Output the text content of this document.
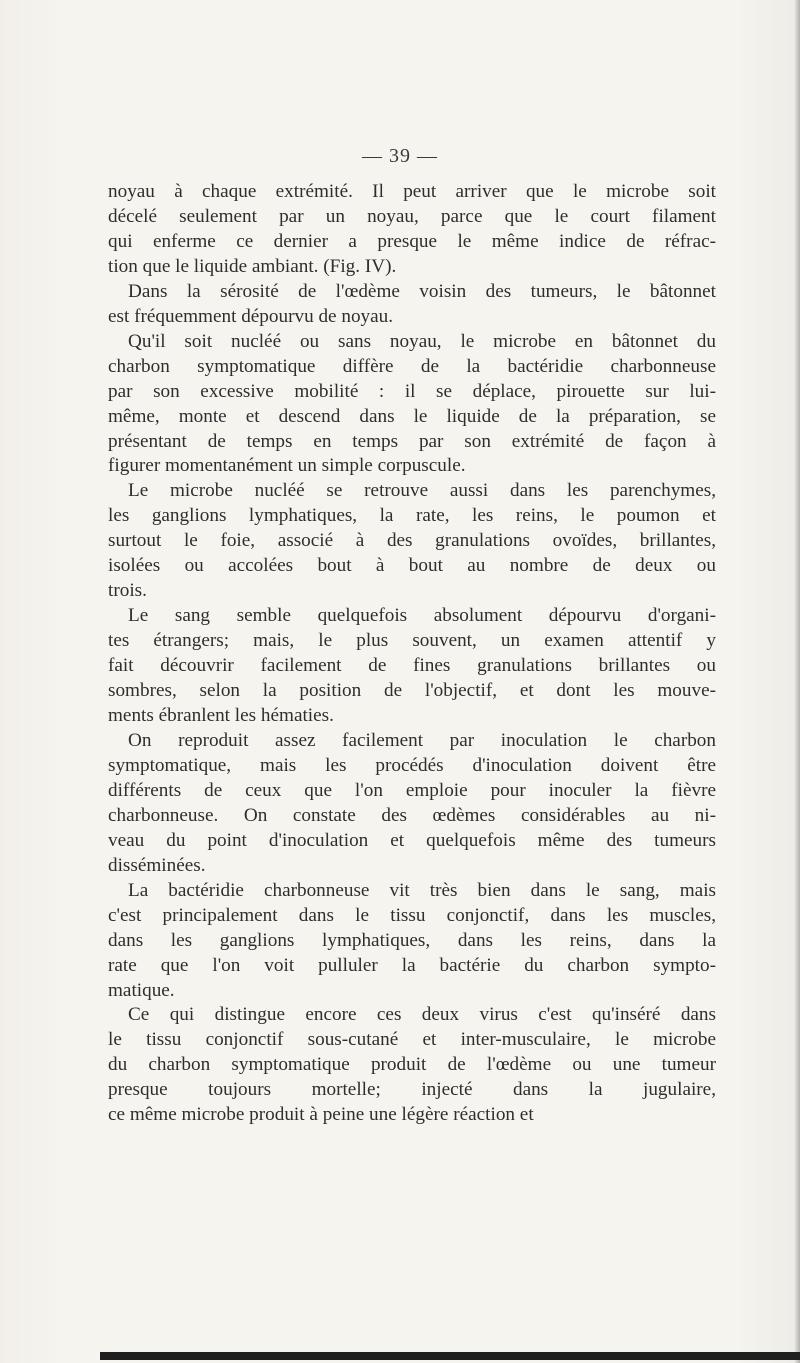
— 39 —
noyau à chaque extrémité. Il peut arriver que le microbe soit
décelé seulement par un noyau, parce que le court filament
qui enferme ce dernier a presque le même indice de réfrac-
tion que le liquide ambiant. (Fig. IV).
Dans la sérosité de l'œdème voisin des tumeurs, le bâtonnet
est fréquemment dépourvu de noyau.
Qu'il soit nucléé ou sans noyau, le microbe en bâtonnet du
charbon symptomatique diffère de la bactéridie charbonneuse
par son excessive mobilité : il se déplace, pirouette sur lui-
même, monte et descend dans le liquide de la préparation, se
présentant de temps en temps par son extrémité de façon à
figurer momentanément un simple corpuscule.
Le microbe nucléé se retrouve aussi dans les parenchymes,
les ganglions lymphatiques, la rate, les reins, le poumon et
surtout le foie, associé à des granulations ovoïdes, brillantes,
isolées ou accolées bout à bout au nombre de deux ou
trois.
Le sang semble quelquefois absolument dépourvu d'organi-
tes étrangers; mais, le plus souvent, un examen attentif y
fait découvrir facilement de fines granulations brillantes ou
sombres, selon la position de l'objectif, et dont les mouve-
ments ébranlent les hématies.
On reproduit assez facilement par inoculation le charbon
symptomatique, mais les procédés d'inoculation doivent être
différents de ceux que l'on emploie pour inoculer la fièvre
charbonneuse. On constate des œdèmes considérables au ni-
veau du point d'inoculation et quelquefois même des tumeurs
disséminées.
La bactéridie charbonneuse vit très bien dans le sang, mais
c'est principalement dans le tissu conjonctif, dans les muscles,
dans les ganglions lymphatiques, dans les reins, dans la
rate que l'on voit pulluler la bactérie du charbon sympto-
matique.
Ce qui distingue encore ces deux virus c'est qu'inséré dans
le tissu conjonctif sous-cutané et inter-musculaire, le microbe
du charbon symptomatique produit de l'œdème ou une tumeur
presque toujours mortelle; injecté dans la jugulaire,
ce même microbe produit à peine une légère réaction et
